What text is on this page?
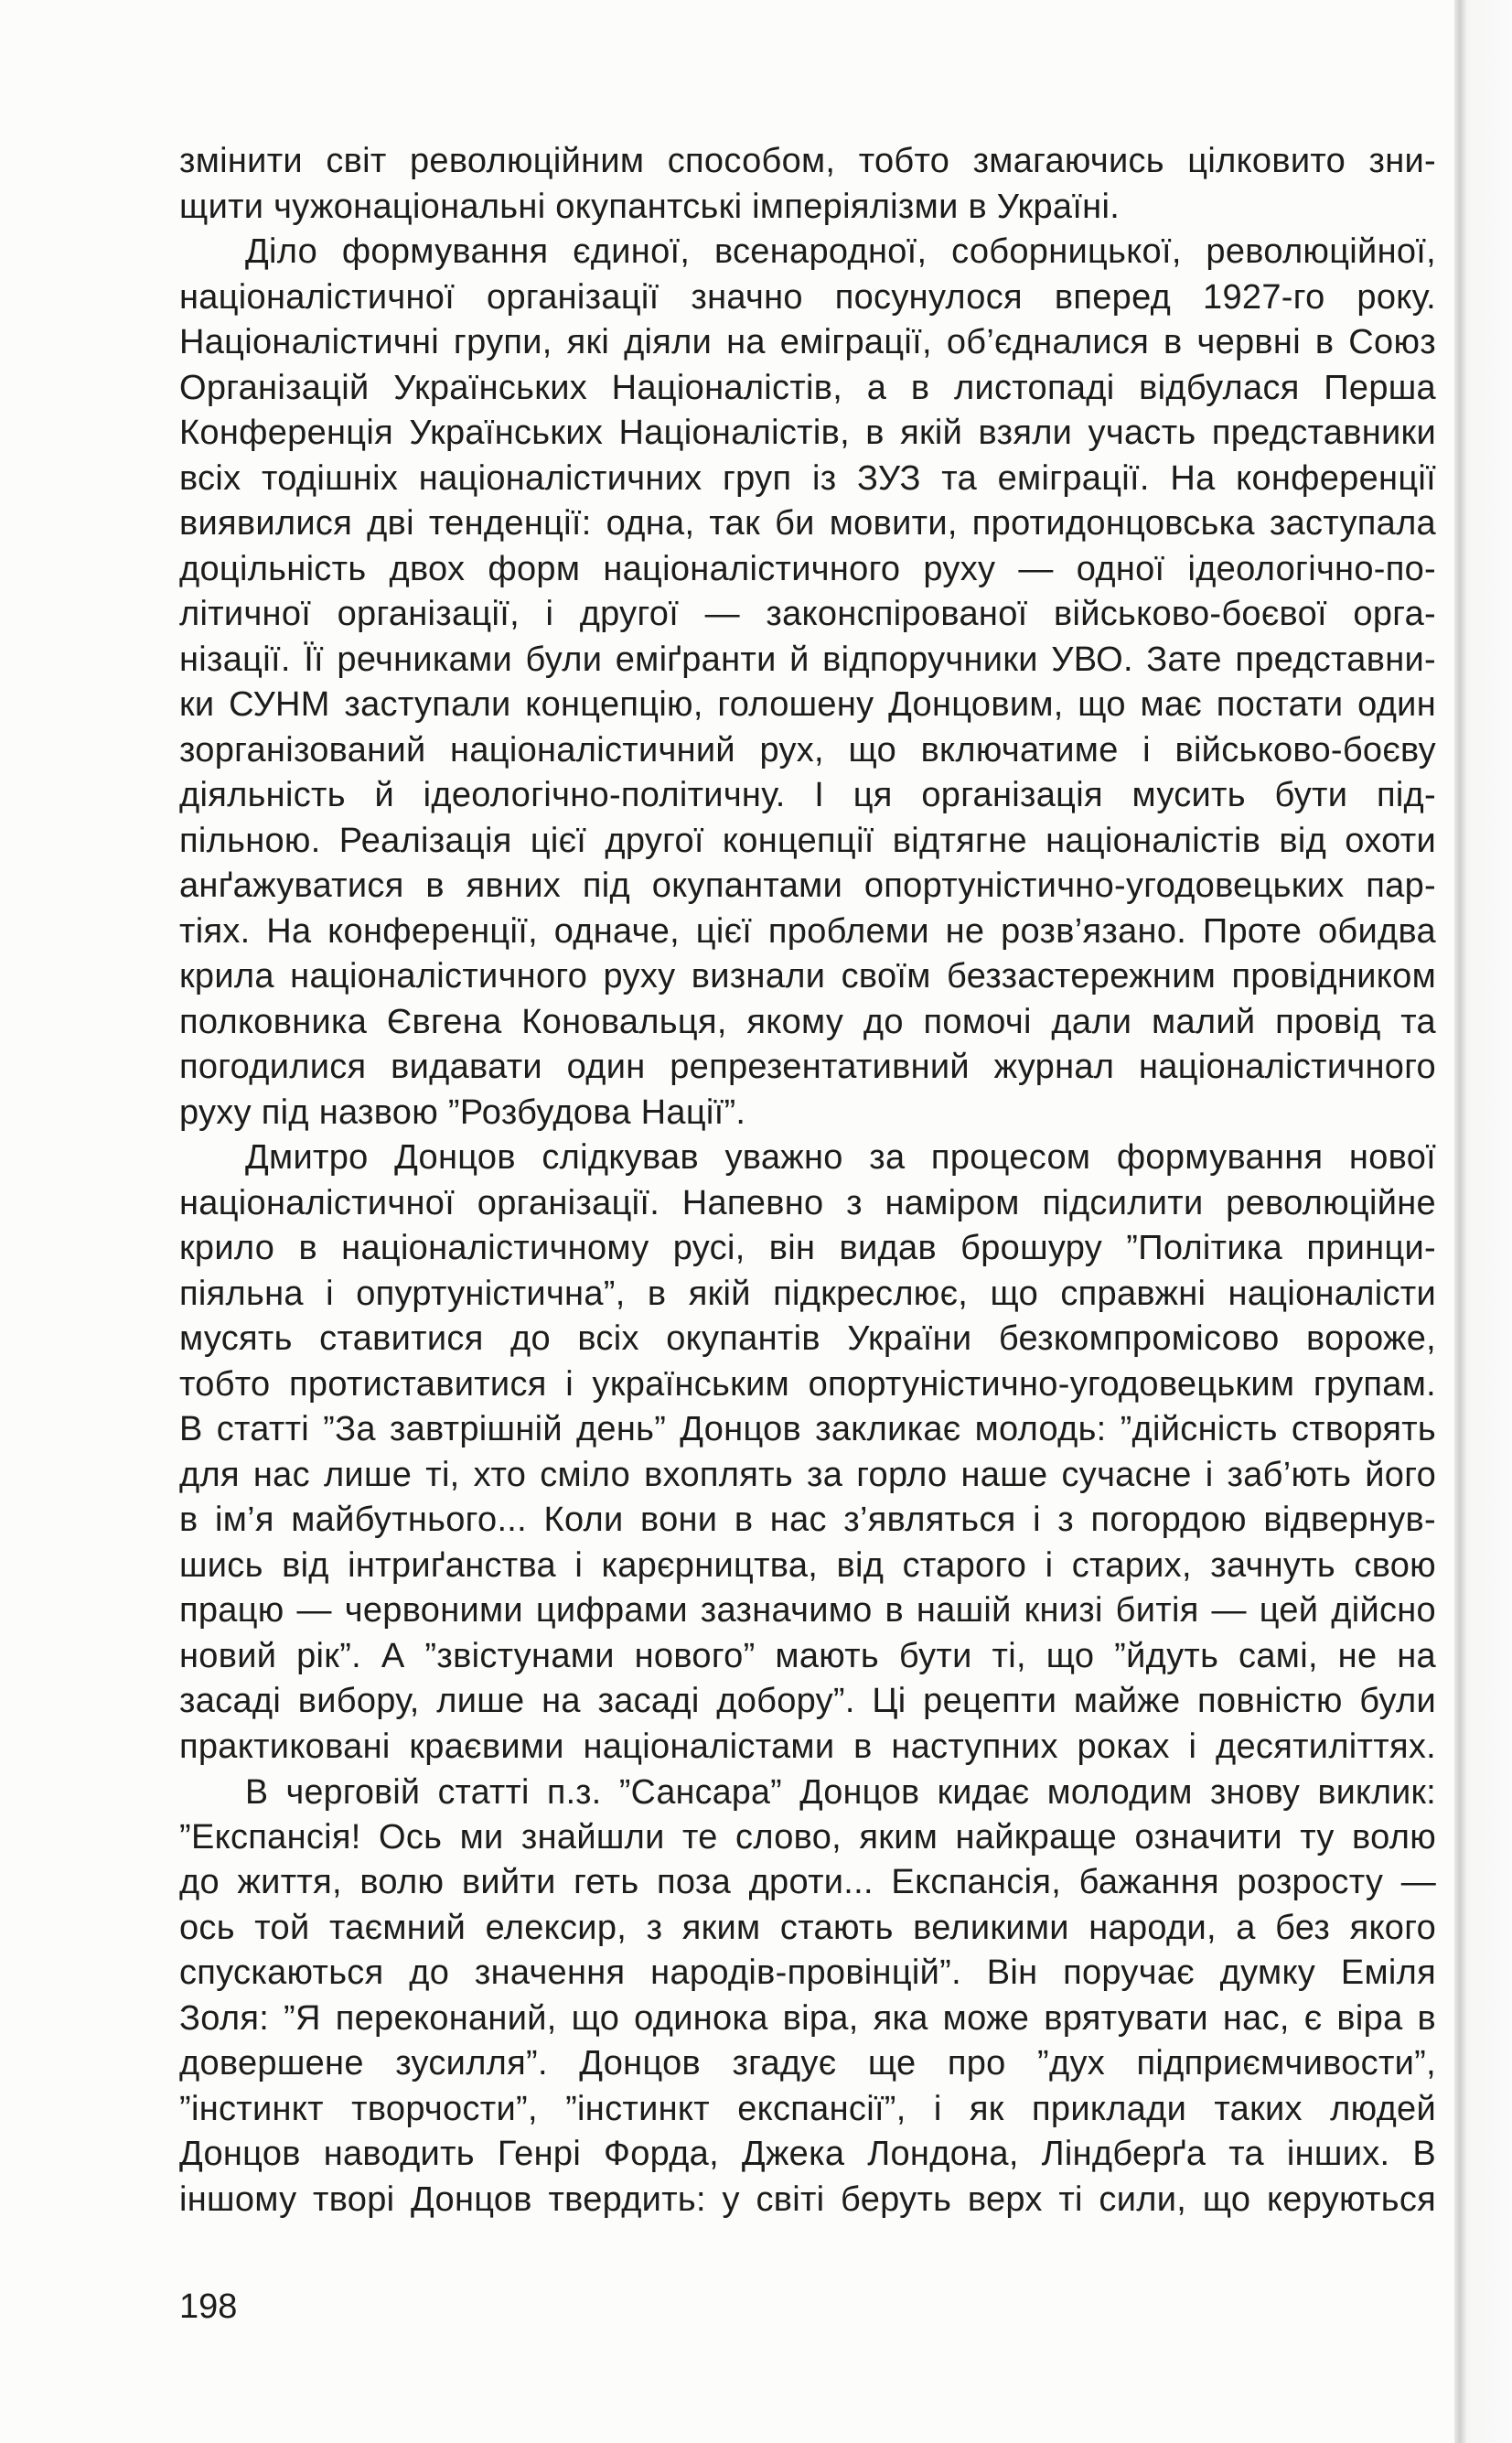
змінити світ революційним способом, тобто змагаючись цілковито зни-
щити чужонаціональні окупантські імперіялізми в Україні.
Діло формування єдиної, всенародної, соборницької, революційної,
націоналістичної організації значно посунулося вперед 1927-го року.
Націоналістичні групи, які діяли на еміграції, об’єдналися в червні в Союз
Організацій Українських Націоналістів, а в листопаді відбулася Перша
Конференція Українських Націоналістів, в якій взяли участь представники
всіх тодішніх націоналістичних груп із ЗУЗ та еміграції. На конференції
виявилися дві тенденції: одна, так би мовити, протидонцовська заступала
доцільність двох форм націоналістичного руху — одної ідеологічно-по-
літичної організації, і другої — законспірованої військово-боєвої орга-
нізації. Її речниками були еміґранти й відпоручники УВО. Зате представни-
ки СУНМ заступали концепцію, голошену Донцовим, що має постати один
зорганізований націоналістичний рух, що включатиме і військово-боєву
діяльність й ідеологічно-політичну. І ця організація мусить бути під-
пільною. Реалізація цієї другої концепції відтягне націоналістів від охоти
анґажуватися в явних під окупантами опортуністично-угодовецьких пар-
тіях. На конференції, одначе, цієї проблеми не розв’язано. Проте обидва
крила націоналістичного руху визнали своїм беззастережним провідником
полковника Євгена Коновальця, якому до помочі дали малий провід та
погодилися видавати один репрезентативний журнал націоналістичного
руху під назвою ”Розбудова Нації”.
Дмитро Донцов слідкував уважно за процесом формування нової
націоналістичної організації. Напевно з наміром підсилити революційне
крило в націоналістичному русі, він видав брошуру ”Політика принци-
піяльна і опуртуністична”, в якій підкреслює, що справжні націоналісти
мусять ставитися до всіх окупантів України безкомпромісово вороже,
тобто протиставитися і українським опортуністично-угодовецьким групам.
В статті ”За завтрішній день” Донцов закликає молодь: ”дійсність створять
для нас лише ті, хто сміло вхоплять за горло наше сучасне і заб’ють його
в ім’я майбутнього... Коли вони в нас з’являться і з погордою відвернув-
шись від інтриґанства і карєрництва, від старого і старих, зачнуть свою
працю — червоними цифрами зазначимо в нашій книзі битія — цей дійсно
новий рік”. А ”звістунами нового” мають бути ті, що ”йдуть самі, не на
засаді вибору, лише на засаді добору”. Ці рецепти майже повністю були
практиковані краєвими націоналістами в наступних роках і десятиліттях.
В черговій статті п.з. ”Сансара” Донцов кидає молодим знову виклик:
”Експансія! Ось ми знайшли те слово, яким найкраще означити ту волю
до життя, волю вийти геть поза дроти... Експансія, бажання розросту —
ось той таємний елексир, з яким стають великими народи, а без якого
спускаються до значення народів-провінцій”. Він поручає думку Еміля
Золя: ”Я переконаний, що одинока віра, яка може врятувати нас, є віра в
довершене зусилля”. Донцов згадує ще про ”дух підприємчивости”,
”інстинкт творчости”, ”інстинкт експансії”, і як приклади таких людей
Донцов наводить Генрі Форда, Джека Лондона, Ліндберґа та інших. В
іншому творі Донцов твердить: у світі беруть верх ті сили, що керуються
198
